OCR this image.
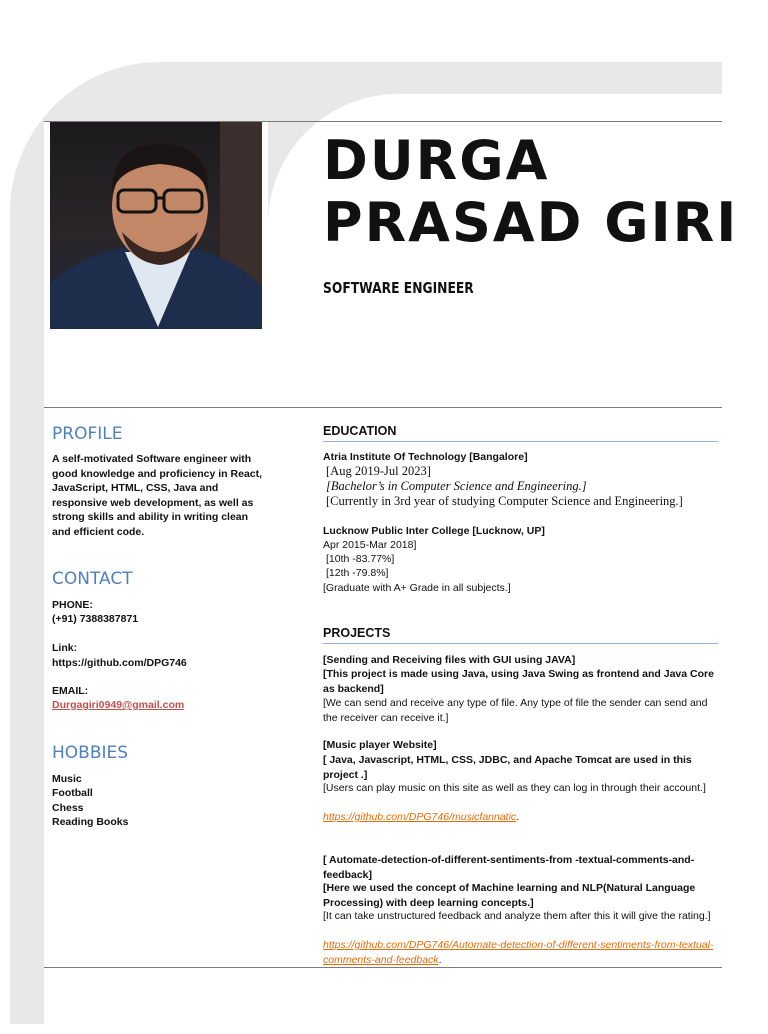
DURGA
PRASAD GIRI
SOFTWARE ENGINEER
PROFILE
A self-motivated Software engineer with good knowledge and proficiency in React, JavaScript, HTML, CSS, Java and responsive web development, as well as strong skills and ability in writing clean and efficient code.
CONTACT
PHONE:
(+91) 7388387871
Link:
https://github.com/DPG746
EMAIL:
Durgagiri0949@gmail.com
HOBBIES
Music
Football
Chess
Reading Books
EDUCATION
Atria Institute Of Technology [Bangalore]
[Aug 2019-Jul 2023]
[Bachelor’s in Computer Science and Engineering.]
[Currently in 3rd year of studying Computer Science and Engineering.]
Lucknow Public Inter College [Lucknow, UP]
Apr 2015-Mar 2018]
[10th -83.77%]
[12th -79.8%]
[Graduate with A+ Grade in all subjects.]
PROJECTS
[Sending and Receiving files with GUI using JAVA]
[This project is made using Java, using Java Swing as frontend and Java Core as backend]
[We can send and receive any type of file. Any type of file the sender can send and the receiver can receive it.]
[Music player Website]
[ Java, Javascript, HTML, CSS, JDBC, and Apache Tomcat are used in this project .]
[Users can play music on this site as well as they can log in through their account.]
https://github.com/DPG746/musicfannatic.
[ Automate-detection-of-different-sentiments-from -textual-comments-and-feedback]
[Here we used the concept of Machine learning and NLP(Natural Language Processing) with deep learning concepts.]
[It can take unstructured feedback and analyze them after this it will give the rating.]
https://github.com/DPG746/Automate-detection-of-different-sentiments-from-textual-comments-and-feedback.
